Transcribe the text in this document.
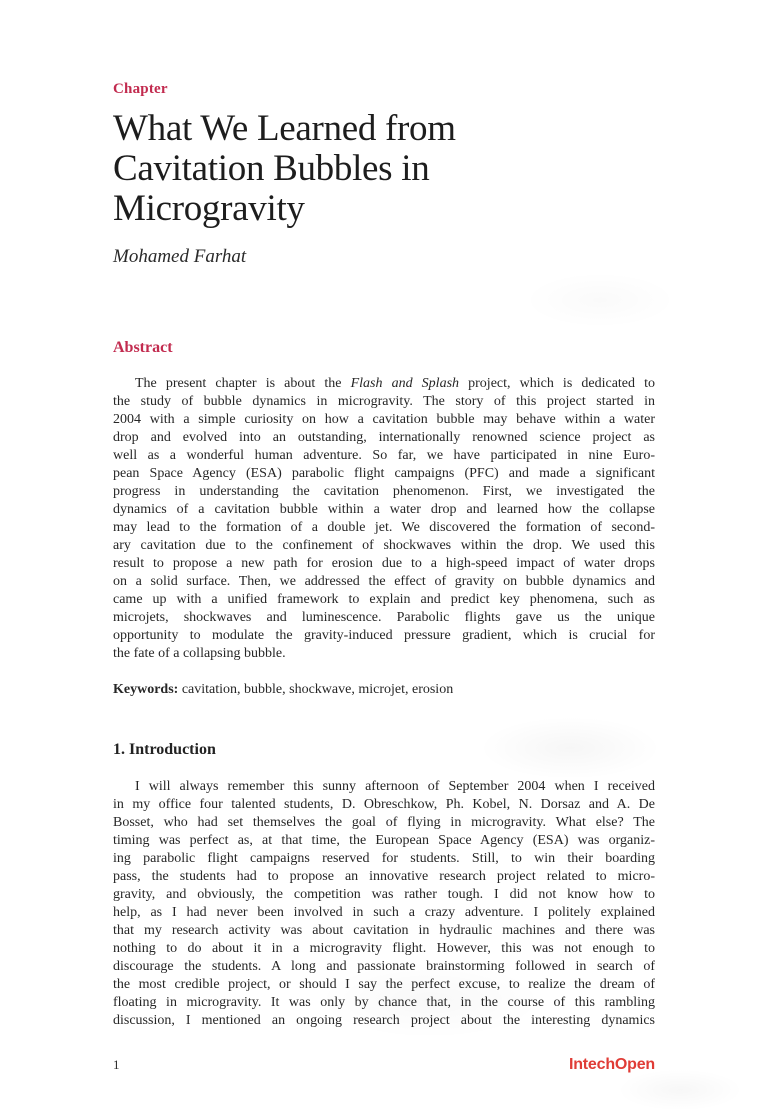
Chapter
What We Learned from
Cavitation Bubbles in
Microgravity
Mohamed Farhat
Abstract
The present chapter is about the Flash and Splash project, which is dedicated to
the study of bubble dynamics in microgravity. The story of this project started in
2004 with a simple curiosity on how a cavitation bubble may behave within a water
drop and evolved into an outstanding, internationally renowned science project as
well as a wonderful human adventure. So far, we have participated in nine Euro-
pean Space Agency (ESA) parabolic flight campaigns (PFC) and made a significant
progress in understanding the cavitation phenomenon. First, we investigated the
dynamics of a cavitation bubble within a water drop and learned how the collapse
may lead to the formation of a double jet. We discovered the formation of second-
ary cavitation due to the confinement of shockwaves within the drop. We used this
result to propose a new path for erosion due to a high-speed impact of water drops
on a solid surface. Then, we addressed the effect of gravity on bubble dynamics and
came up with a unified framework to explain and predict key phenomena, such as
microjets, shockwaves and luminescence. Parabolic flights gave us the unique
opportunity to modulate the gravity-induced pressure gradient, which is crucial for
the fate of a collapsing bubble.
Keywords: cavitation, bubble, shockwave, microjet, erosion
1. Introduction
I will always remember this sunny afternoon of September 2004 when I received
in my office four talented students, D. Obreschkow, Ph. Kobel, N. Dorsaz and A. De
Bosset, who had set themselves the goal of flying in microgravity. What else? The
timing was perfect as, at that time, the European Space Agency (ESA) was organiz-
ing parabolic flight campaigns reserved for students. Still, to win their boarding
pass, the students had to propose an innovative research project related to micro-
gravity, and obviously, the competition was rather tough. I did not know how to
help, as I had never been involved in such a crazy adventure. I politely explained
that my research activity was about cavitation in hydraulic machines and there was
nothing to do about it in a microgravity flight. However, this was not enough to
discourage the students. A long and passionate brainstorming followed in search of
the most credible project, or should I say the perfect excuse, to realize the dream of
floating in microgravity. It was only by chance that, in the course of this rambling
discussion, I mentioned an ongoing research project about the interesting dynamics
1	IntechOpen
